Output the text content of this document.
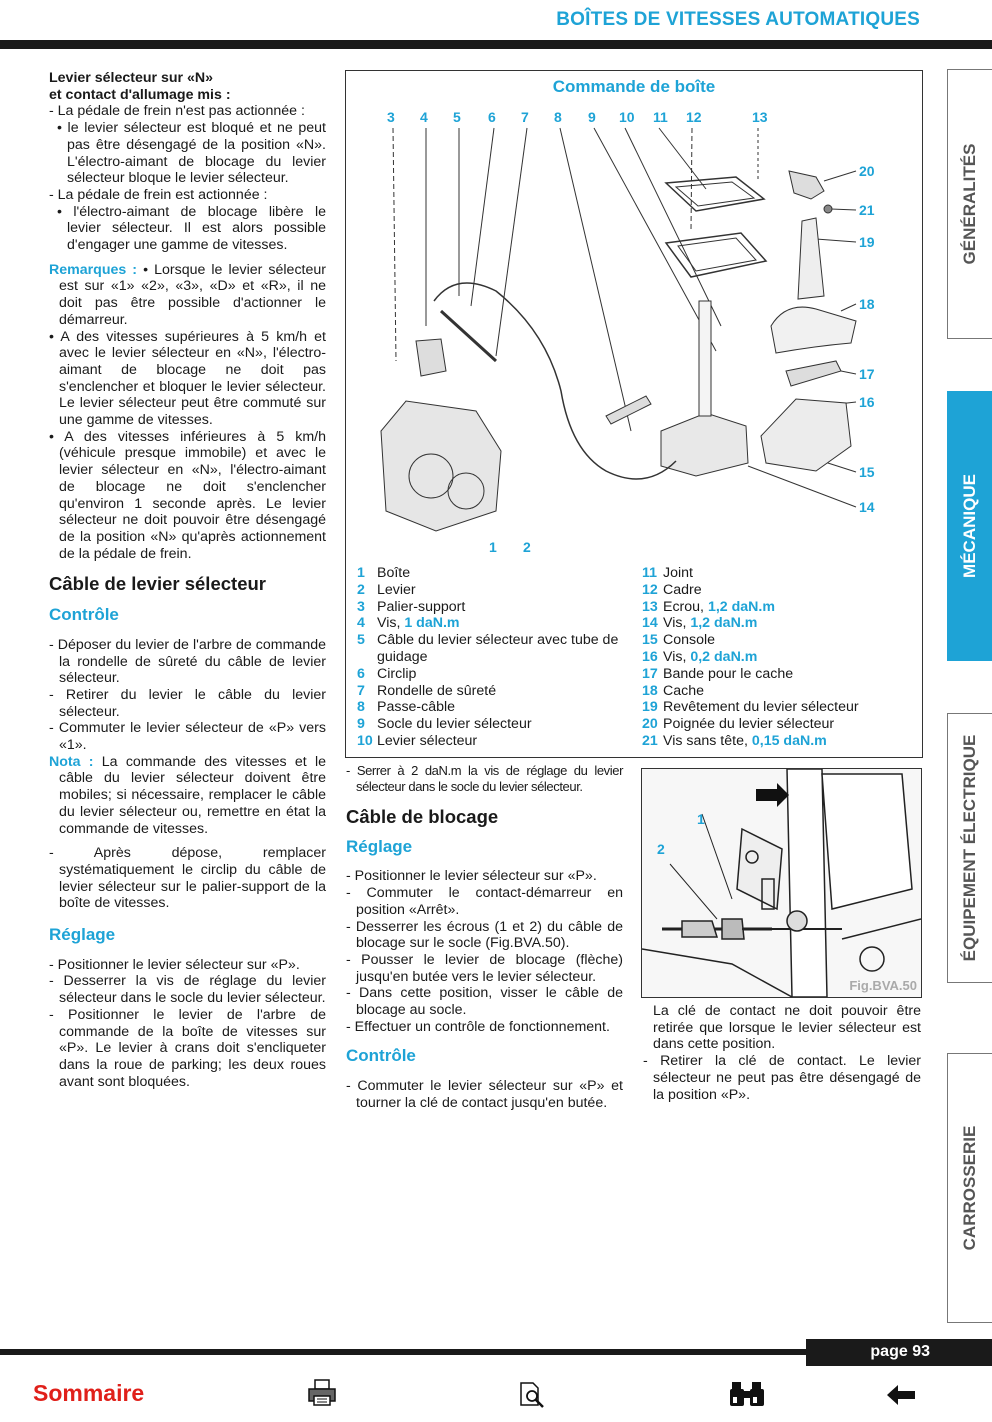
BOÎTES DE VITESSES AUTOMATIQUES

Levier sélecteur sur «N»

et contact d'allumage mis :

- La pédale de frein n'est pas actionnée :

• le levier sélecteur est bloqué et ne peut pas être désengagé de la position «N». L'électro-aimant de blocage du levier sélecteur bloque le levier sélecteur.

- La pédale de frein est actionnée :

• l'électro-aimant de blocage libère le levier sélecteur. Il est alors possible d'engager une gamme de vitesses.

Remarques : • Lorsque le levier sélecteur est sur «1» «2», «3», «D» et «R», il ne doit pas être possible d'actionner le démarreur.

• A des vitesses supérieures à 5 km/h et avec le levier sélecteur en «N», l'électro-aimant de blocage ne doit pas s'enclencher et bloquer le levier sélecteur. Le levier sélecteur peut être commuté sur une gamme de vitesses.

• A des vitesses inférieures à 5 km/h (véhicule presque immobile) et avec le levier sélecteur en «N», l'électro-aimant de blocage ne doit s'enclencher qu'environ 1 seconde après. Le levier sélecteur ne doit pouvoir être désengagé de la position «N» qu'après actionnement de la pédale de frein.

Câble de levier sélecteur

Contrôle

- Déposer du levier de l'arbre de commande la rondelle de sûreté du câble de levier sélecteur.

- Retirer du levier le câble du levier sélecteur.

- Commuter le levier sélecteur de «P» vers «1».

Nota : La commande des vitesses et le câble du levier sélecteur doivent être mobiles; si nécessaire, remplacer le câble du levier sélecteur ou, remettre en état la commande de vitesses.

- Après dépose, remplacer systématiquement le circlip du câble de levier sélecteur sur le palier-support de la boîte de vitesses.

Réglage

- Positionner le levier sélecteur sur «P».

- Desserrer la vis de réglage du levier sélecteur dans le socle du levier sélecteur.

- Positionner le levier de l'arbre de commande de la boîte de vitesses sur «P». Le levier à crans doit s'encliqueter dans la roue de parking; les deux roues avant sont bloquées.

Commande de boîte
3 4 5 6 7 8 9 10 11 12	13
20
21
19
18
17
16
15
14
1 2
1 Boîte
2 Levier
3 Palier-support
4 Vis, 1 daN.m
5 Câble du levier sélecteur avec tube de guidage
6 Circlip
7 Rondelle de sûreté
8 Passe-câble
9 Socle du levier sélecteur
10 Levier sélecteur
11 Joint
12 Cadre
13 Ecrou, 1,2 daN.m
14 Vis, 1,2 daN.m
15 Console
16 Vis, 0,2 daN.m
17 Bande pour le cache
18 Cache
19 Revêtement du levier sélecteur
20 Poignée du levier sélecteur
21 Vis sans tête, 0,15 daN.m

- Serrer à 2 daN.m la vis de réglage du levier sélecteur dans le socle du levier sélecteur.

Câble de blocage

Réglage

- Positionner le levier sélecteur sur «P».

- Commuter le contact-démarreur en position «Arrêt».

- Desserrer les écrous (1 et 2) du câble de blocage sur le socle (Fig.BVA.50).

- Pousser le levier de blocage (flèche) jusqu'en butée vers le levier sélecteur.

- Dans cette position, visser le câble de blocage au socle.

- Effectuer un contrôle de fonctionnement.

Contrôle

- Commuter le levier sélecteur sur «P» et tourner la clé de contact jusqu'en butée.

1
2
Fig.BVA.50

La clé de contact ne doit pouvoir être retirée que lorsque le levier sélecteur est dans cette position.

- Retirer la clé de contact. Le levier sélecteur ne peut pas être désengagé de la position «P».

GÉNÉRALITÉS
MÉCANIQUE
ÉQUIPEMENT ÉLECTRIQUE
CARROSSERIE
page 93
Sommaire
